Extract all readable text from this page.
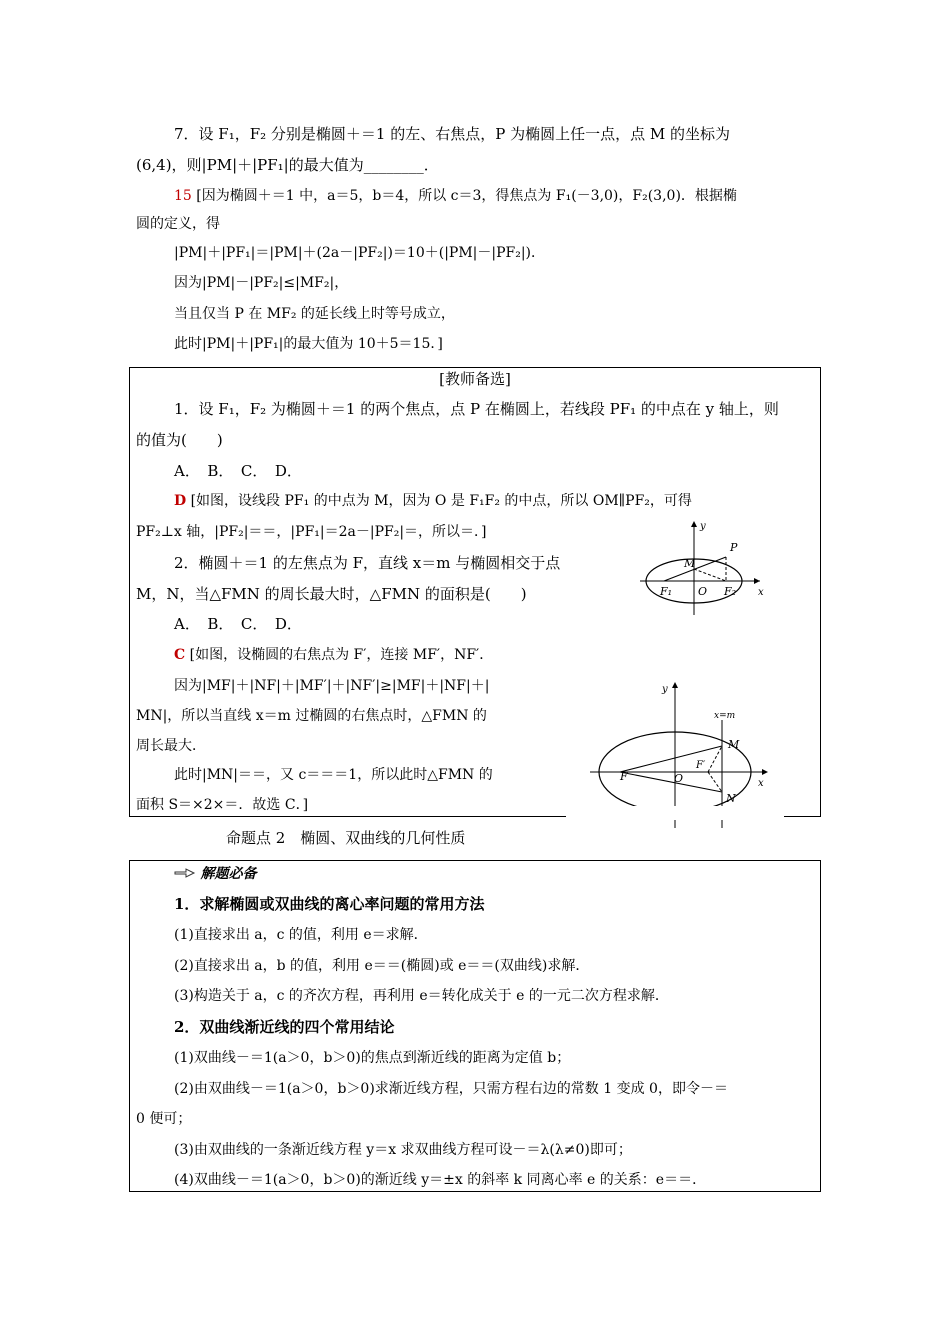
7．设 F₁，F₂ 分别是椭圆＋＝1 的左、右焦点，P 为椭圆上任一点，点 M 的坐标为
(6,4)，则|PM|＋|PF₁|的最大值为________．
15 [因为椭圆＋＝1 中，a＝5，b＝4，所以 c＝3，得焦点为 F₁(－3,0)，F₂(3,0)．根据椭
圆的定义，得
|PM|＋|PF₁|＝|PM|＋(2a－|PF₂|)＝10＋(|PM|－|PF₂|)．
因为|PM|－|PF₂|≤|MF₂|，
当且仅当 P 在 MF₂ 的延长线上时等号成立，
此时|PM|＋|PF₁|的最大值为 10＋5＝15．]
[教师备选]
1．设 F₁，F₂ 为椭圆＋＝1 的两个焦点，点 P 在椭圆上，若线段 PF₁ 的中点在 y 轴上，则
的值为(　　)
A．　B．　C．　D．
D [如图，设线段 PF₁ 的中点为 M，因为 O 是 F₁F₂ 的中点，所以 OM∥PF₂，可得
PF₂⊥x 轴，|PF₂|＝＝，|PF₁|＝2a－|PF₂|＝，所以＝．]
2．椭圆＋＝1 的左焦点为 F，直线 x＝m 与椭圆相交于点
M，N，当△FMN 的周长最大时，△FMN 的面积是(　　)
A．　B．　C．　D．
C [如图，设椭圆的右焦点为 F′，连接 MF′，NF′．
因为|MF|＋|NF|＋|MF′|＋|NF′|≥|MF|＋|NF|＋|
MN|，所以当直线 x＝m 过椭圆的右焦点时，△FMN 的
周长最大．
此时|MN|＝＝，又 c＝＝＝1，所以此时△FMN 的
面积 S＝×2×＝．故选 C．]
y
P
M
F₁ O F₂ x
y
x=m
M
F′
F	O	x
N
命题点 2　椭圆、双曲线的几何性质
解题必备
1．求解椭圆或双曲线的离心率问题的常用方法
(1)直接求出 a，c 的值，利用 e＝求解．
(2)直接求出 a，b 的值，利用 e＝＝(椭圆)或 e＝＝(双曲线)求解．
(3)构造关于 a，c 的齐次方程，再利用 e＝转化成关于 e 的一元二次方程求解．
2．双曲线渐近线的四个常用结论
(1)双曲线－＝1(a＞0，b＞0)的焦点到渐近线的距离为定值 b；
(2)由双曲线－＝1(a＞0，b＞0)求渐近线方程，只需方程右边的常数 1 变成 0，即令－＝
0 便可；
(3)由双曲线的一条渐近线方程 y＝x 求双曲线方程可设－＝λ(λ≠0)即可；
(4)双曲线－＝1(a＞0，b＞0)的渐近线 y＝±x 的斜率 k 同离心率 e 的关系：e＝＝．
